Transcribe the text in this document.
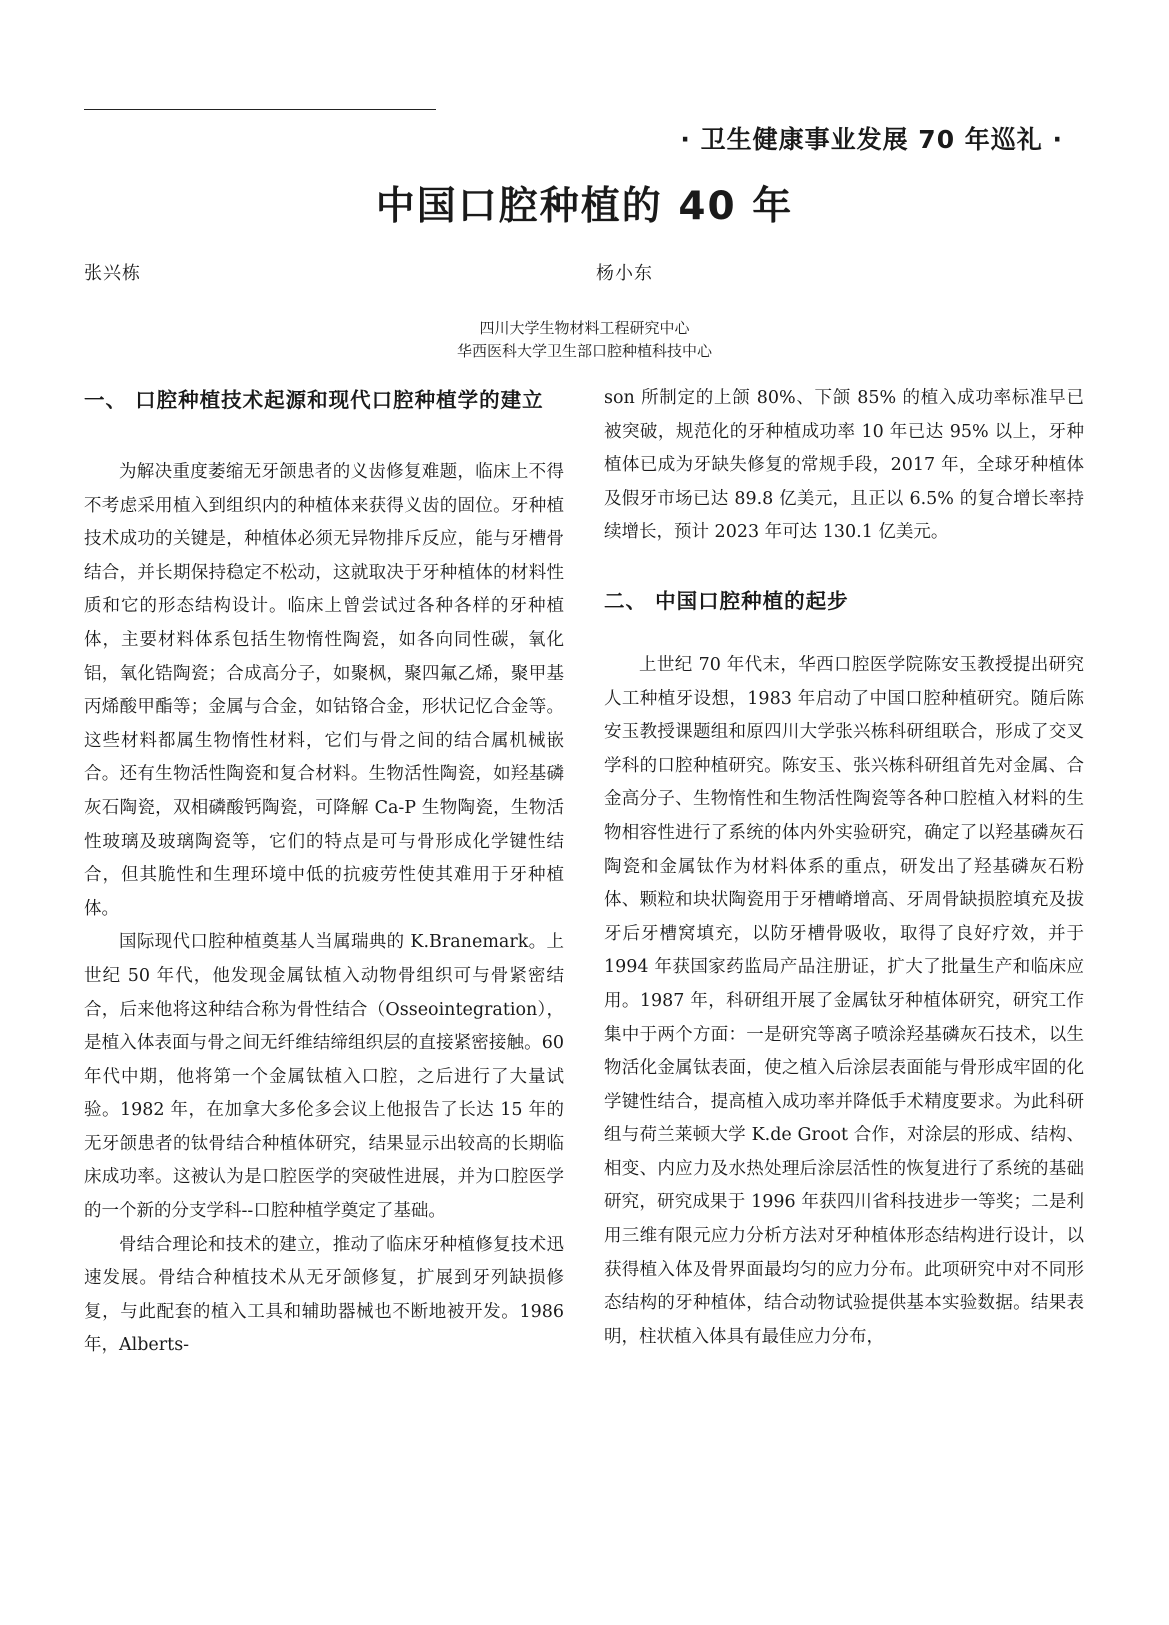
· 卫生健康事业发展 70 年巡礼 ·
中国口腔种植的 40 年
张兴栋	杨小东
四川大学生物材料工程研究中心
华西医科大学卫生部口腔种植科技中心
一、 口腔种植技术起源和现代口腔种植学的建立

为解决重度萎缩无牙颌患者的义齿修复难题，临床上不得不考虑采用植入到组织内的种植体来获得义齿的固位。牙种植技术成功的关键是，种植体必须无异物排斥反应，能与牙槽骨结合，并长期保持稳定不松动，这就取决于牙种植体的材料性质和它的形态结构设计。临床上曾尝试过各种各样的牙种植体，主要材料体系包括生物惰性陶瓷，如各向同性碳，氧化铝，氧化锆陶瓷；合成高分子，如聚枫，聚四氟乙烯，聚甲基丙烯酸甲酯等；金属与合金，如钴铬合金，形状记忆合金等。这些材料都属生物惰性材料，它们与骨之间的结合属机械嵌合。还有生物活性陶瓷和复合材料。生物活性陶瓷，如羟基磷灰石陶瓷，双相磷酸钙陶瓷，可降解 Ca-P 生物陶瓷，生物活性玻璃及玻璃陶瓷等，它们的特点是可与骨形成化学键性结合，但其脆性和生理环境中低的抗疲劳性使其难用于牙种植体。

国际现代口腔种植奠基人当属瑞典的 K.Branemark。上世纪 50 年代，他发现金属钛植入动物骨组织可与骨紧密结合，后来他将这种结合称为骨性结合（Osseointegration），是植入体表面与骨之间无纤维结缔组织层的直接紧密接触。60 年代中期，他将第一个金属钛植入口腔，之后进行了大量试验。1982 年，在加拿大多伦多会议上他报告了长达 15 年的无牙颌患者的钛骨结合种植体研究，结果显示出较高的长期临床成功率。这被认为是口腔医学的突破性进展，并为口腔医学的一个新的分支学科--口腔种植学奠定了基础。

骨结合理论和技术的建立，推动了临床牙种植修复技术迅速发展。骨结合种植技术从无牙颌修复，扩展到牙列缺损修复，与此配套的植入工具和辅助器械也不断地被开发。1986 年，Alberts-

son 所制定的上颌 80%、下颌 85% 的植入成功率标准早已被突破，规范化的牙种植成功率 10 年已达 95% 以上，牙种植体已成为牙缺失修复的常规手段，2017 年，全球牙种植体及假牙市场已达 89.8 亿美元，且正以 6.5% 的复合增长率持续增长，预计 2023 年可达 130.1 亿美元。

二、 中国口腔种植的起步

上世纪 70 年代末，华西口腔医学院陈安玉教授提出研究人工种植牙设想，1983 年启动了中国口腔种植研究。随后陈安玉教授课题组和原四川大学张兴栋科研组联合，形成了交叉学科的口腔种植研究。陈安玉、张兴栋科研组首先对金属、合金高分子、生物惰性和生物活性陶瓷等各种口腔植入材料的生物相容性进行了系统的体内外实验研究，确定了以羟基磷灰石陶瓷和金属钛作为材料体系的重点，研发出了羟基磷灰石粉体、颗粒和块状陶瓷用于牙槽嵴增高、牙周骨缺损腔填充及拔牙后牙槽窝填充，以防牙槽骨吸收，取得了良好疗效，并于 1994 年获国家药监局产品注册证，扩大了批量生产和临床应用。1987 年，科研组开展了金属钛牙种植体研究，研究工作集中于两个方面：一是研究等离子喷涂羟基磷灰石技术，以生物活化金属钛表面，使之植入后涂层表面能与骨形成牢固的化学键性结合，提高植入成功率并降低手术精度要求。为此科研组与荷兰莱顿大学 K.de Groot 合作，对涂层的形成、结构、相变、内应力及水热处理后涂层活性的恢复进行了系统的基础研究，研究成果于 1996 年获四川省科技进步一等奖；二是利用三维有限元应力分析方法对牙种植体形态结构进行设计，以获得植入体及骨界面最均匀的应力分布。此项研究中对不同形态结构的牙种植体，结合动物试验提供基本实验数据。结果表明，柱状植入体具有最佳应力分布，
